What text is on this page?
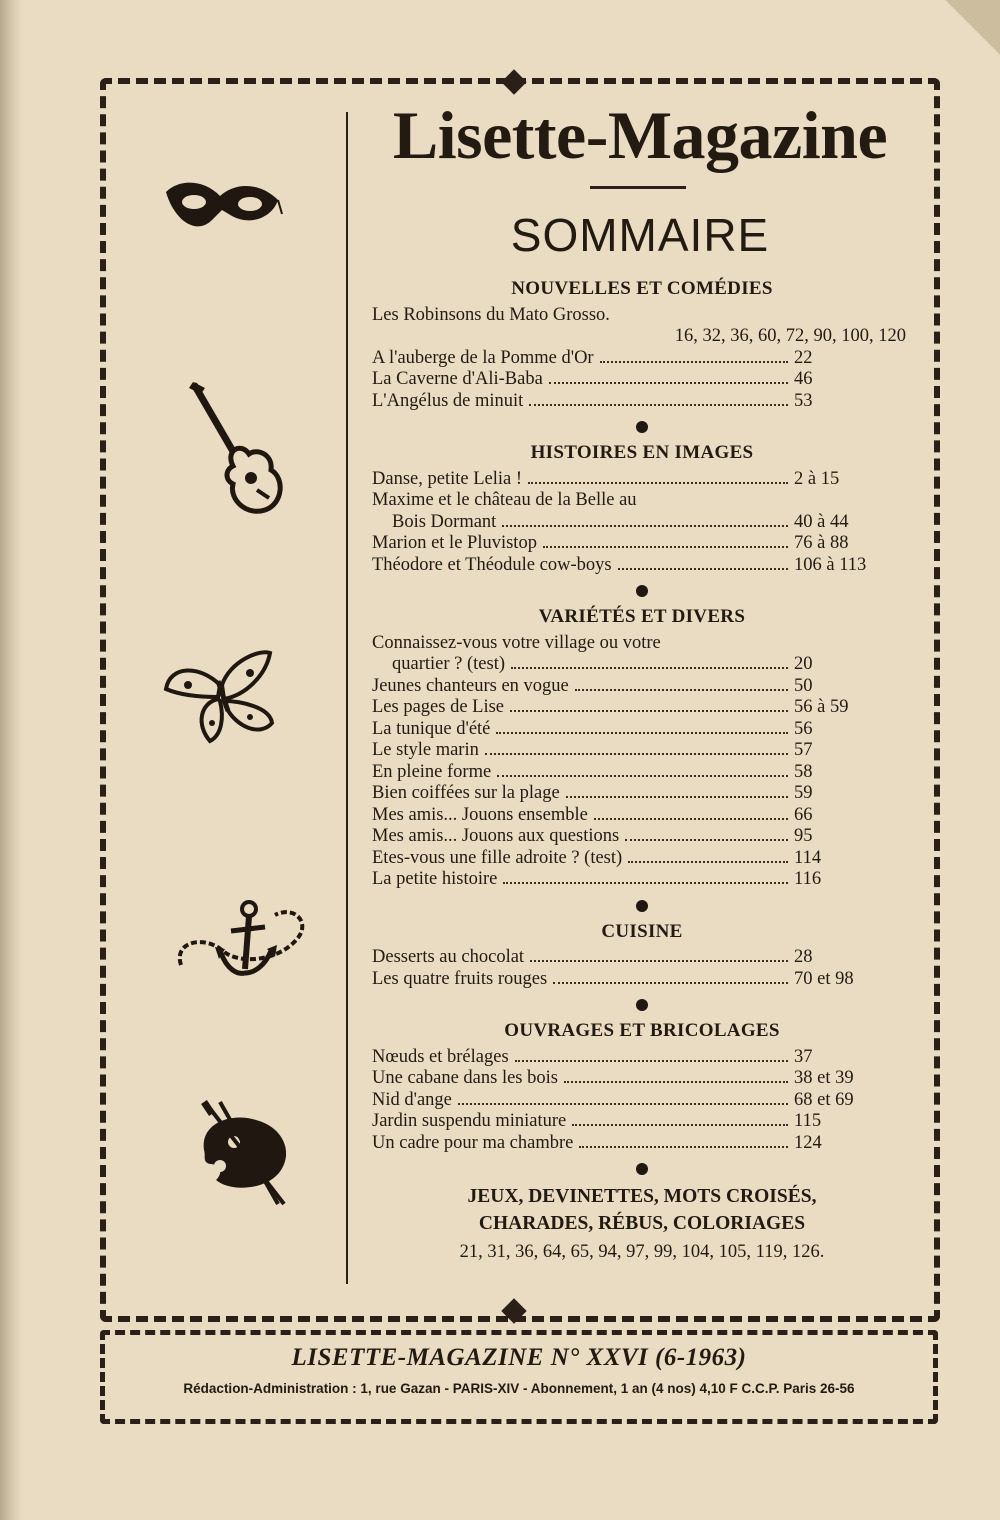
Lisette-Magazine
SOMMAIRE
NOUVELLES ET COMÉDIES
Les Robinsons du Mato Grosso.
16, 32, 36, 60, 72, 90, 100, 120
A l'auberge de la Pomme d'Or	22
La Caverne d'Ali-Baba	46
L'Angélus de minuit	53
HISTOIRES EN IMAGES
Danse, petite Lelia !	2 à 15
Maxime et le château de la Belle au
Bois Dormant	40 à 44
Marion et le Pluvistop	76 à 88
Théodore et Théodule cow-boys	106 à 113
VARIÉTÉS ET DIVERS
Connaissez-vous votre village ou votre
quartier ? (test)	20
Jeunes chanteurs en vogue	50
Les pages de Lise	56 à 59
La tunique d'été	56
Le style marin	57
En pleine forme	58
Bien coiffées sur la plage	59
Mes amis... Jouons ensemble	66
Mes amis... Jouons aux questions	95
Etes-vous une fille adroite ? (test)	114
La petite histoire	116
CUISINE
Desserts au chocolat	28
Les quatre fruits rouges	70 et 98
OUVRAGES ET BRICOLAGES
Nœuds et brélages	37
Une cabane dans les bois	38 et 39
Nid d'ange	68 et 69
Jardin suspendu miniature	115
Un cadre pour ma chambre	124
JEUX, DEVINETTES, MOTS CROISÉS,
CHARADES, RÉBUS, COLORIAGES
21, 31, 36, 64, 65, 94, 97, 99, 104, 105, 119, 126.
LISETTE-MAGAZINE N° XXVI (6-1963)
Rédaction-Administration : 1, rue Gazan - PARIS-XIV - Abonnement, 1 an (4 nos) 4,10 F C.C.P. Paris 26-56
